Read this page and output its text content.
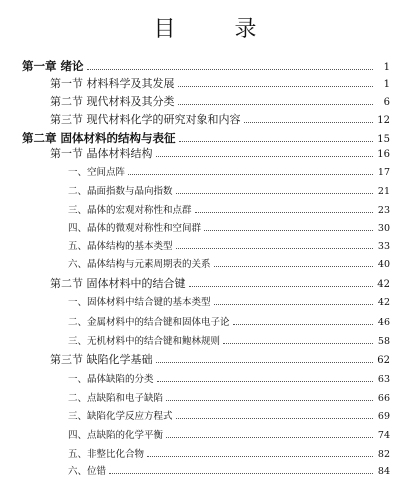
目 录
第一章 绪论	1
第一节 材料科学及其发展	1
第二节 现代材料及其分类	6
第三节 现代材料化学的研究对象和内容	12
第二章 固体材料的结构与表征	15
第一节 晶体材料结构	16
一、空间点阵	17
二、晶面指数与晶向指数	21
三、晶体的宏观对称性和点群	23
四、晶体的微观对称性和空间群	30
五、晶体结构的基本类型	33
六、晶体结构与元素周期表的关系	40
第二节 固体材料中的结合键	42
一、固体材料中结合键的基本类型	42
二、金属材料中的结合键和固体电子论	46
三、无机材料中的结合键和鲍林规则	58
第三节 缺陷化学基础	62
一、晶体缺陷的分类	63
二、点缺陷和电子缺陷	66
三、缺陷化学反应方程式	69
四、点缺陷的化学平衡	74
五、非整比化合物	82
六、位错	84
